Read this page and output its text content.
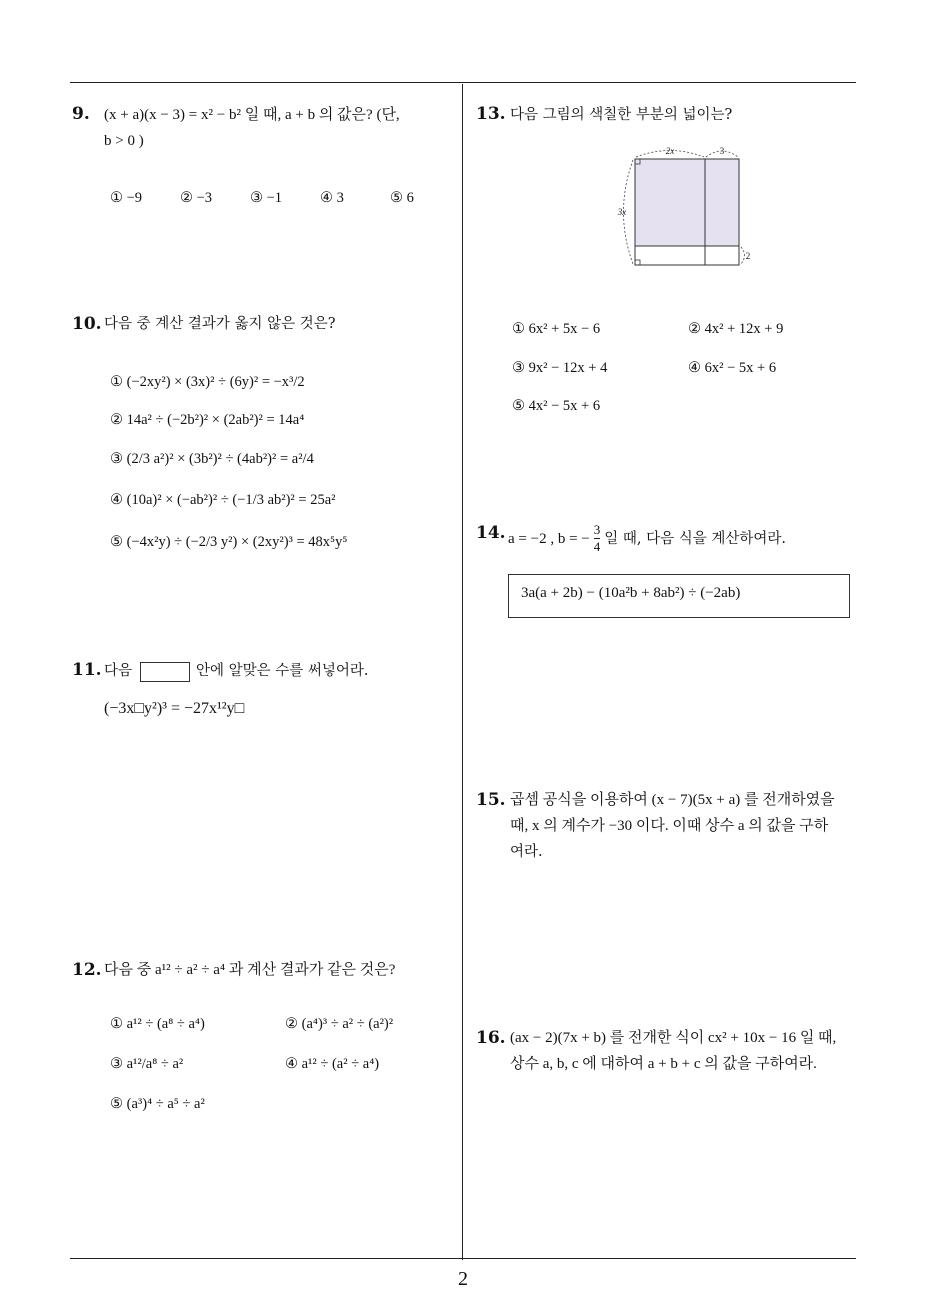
2
9. (x + a)(x − 3) = x² − b² 일 때, a + b 의 값은? (단,
b > 0 )
① −9	② −3	③ −1	④ 3	⑤ 6
10. 다음 중 계산 결과가 옳지 않은 것은?
① (−2xy²) × (3x)² ÷ (6y)² = −x³/2
② 14a² ÷ (−2b²)² × (2ab²)² = 14a⁴
③ (2/3 a²)² × (3b²)² ÷ (4ab²)² = a²/4
④ (10a)² × (−ab²)² ÷ (−1/3 ab²)² = 25a²
⑤ (−4x²y) ÷ (−2/3 y²) × (2xy²)³ = 48x⁵y⁵
11. 다음	안에 알맞은 수를 써넣어라.
(−3x□y²)³ = −27x¹²y□
12. 다음 중 a¹² ÷ a² ÷ a⁴ 과 계산 결과가 같은 것은?
① a¹² ÷ (a⁸ ÷ a⁴)	② (a⁴)³ ÷ a² ÷ (a²)²
③ a¹²/a⁸ ÷ a²	④ a¹² ÷ (a² ÷ a⁴)
⑤ (a³)⁴ ÷ a⁵ ÷ a²
13. 다음 그림의 색칠한 부분의 넓이는?
2x	3
3x
2
① 6x² + 5x − 6	② 4x² + 12x + 9
③ 9x² − 12x + 4	④ 6x² − 5x + 6
⑤ 4x² − 5x + 6
14. a = −2 , b = − $\frac{3}{4}$ 일 때, 다음 식을 계산하여라.
3a(a + 2b) − (10a²b + 8ab²) ÷ (−2ab)
15. 곱셈 공식을 이용하여 (x − 7)(5x + a) 를 전개하였을
때, x 의 계수가 −30 이다. 이때 상수 a 의 값을 구하
여라.
16. (ax − 2)(7x + b) 를 전개한 식이 cx² + 10x − 16 일 때,
상수 a, b, c 에 대하여 a + b + c 의 값을 구하여라.
